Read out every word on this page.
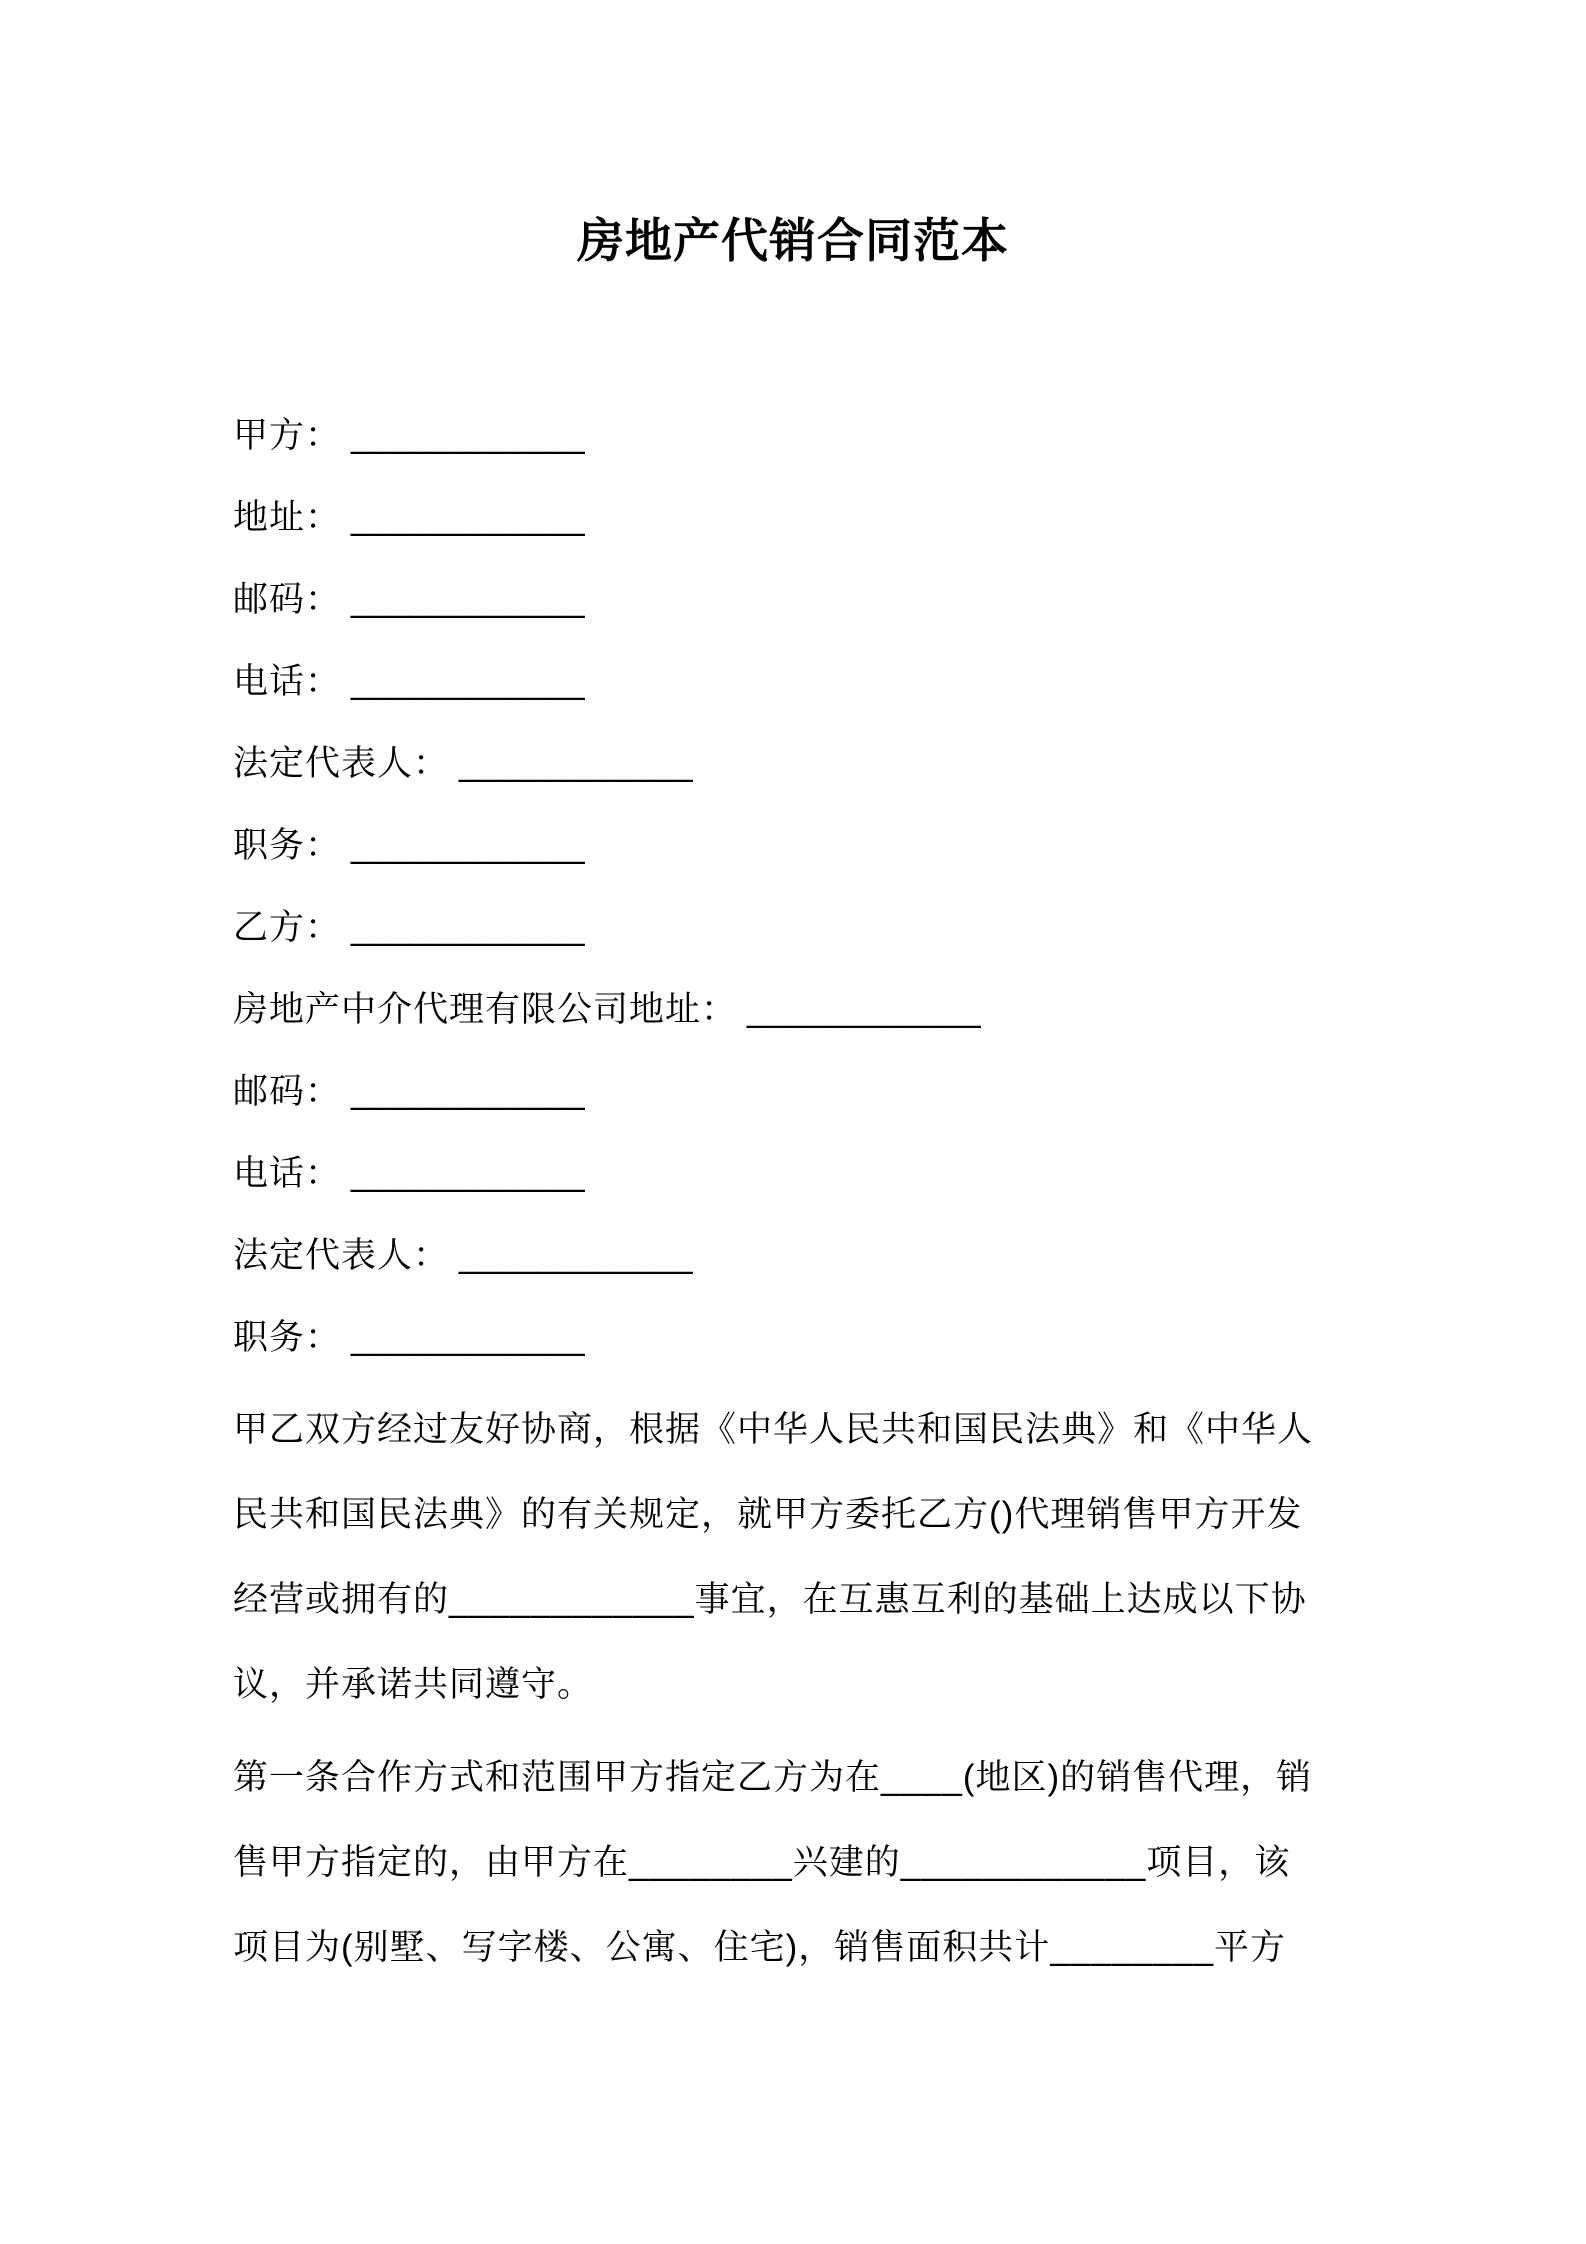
房地产代销合同范本
甲方： ____________
地址： ____________
邮码： ____________
电话： ____________
法定代表人： ____________
职务： ____________
乙方： ____________
房地产中介代理有限公司地址： ____________
邮码： ____________
电话： ____________
法定代表人： ____________
职务： ____________
甲乙双方经过友好协商，根据《中华人民共和国民法典》和《中华人
民共和国民法典》的有关规定，就甲方委托乙方()代理销售甲方开发
经营或拥有的____________事宜，在互惠互利的基础上达成以下协
议，并承诺共同遵守。
第一条合作方式和范围甲方指定乙方为在____(地区)的销售代理，销
售甲方指定的，由甲方在________兴建的____________项目，该
项目为(别墅、写字楼、公寓、住宅)，销售面积共计________平方
